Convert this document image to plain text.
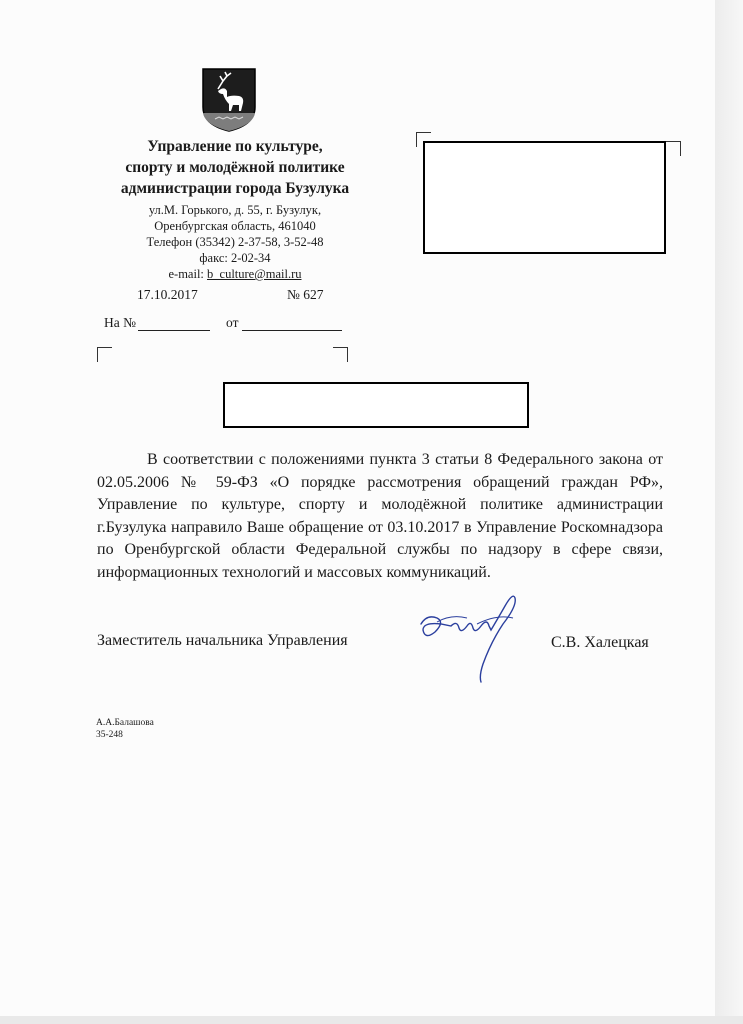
Управление по культуре,
спорту и молодёжной политике
администрации города Бузулука
ул.М. Горького, д. 55, г. Бузулук,
Оренбургская область, 461040
Телефон (35342) 2-37-58, 3-52-48
факс: 2-02-34
e-mail: b_culture@mail.ru
17.10.2017	№ 627
На №	от

В соответствии с положениями пункта 3 статьи 8 Федерального закона от 02.05.2006 № 59-ФЗ «О порядке рассмотрения обращений граждан РФ», Управление по культуре, спорту и молодёжной политике администрации г.Бузулука направило Ваше обращение от 03.10.2017 в Управление Роскомнадзора по Оренбургской области Федеральной службы по надзору в сфере связи, информационных технологий и массовых коммуникаций.

Заместитель начальника Управления	С.В. Халецкая
А.А.Балашова
35-248
